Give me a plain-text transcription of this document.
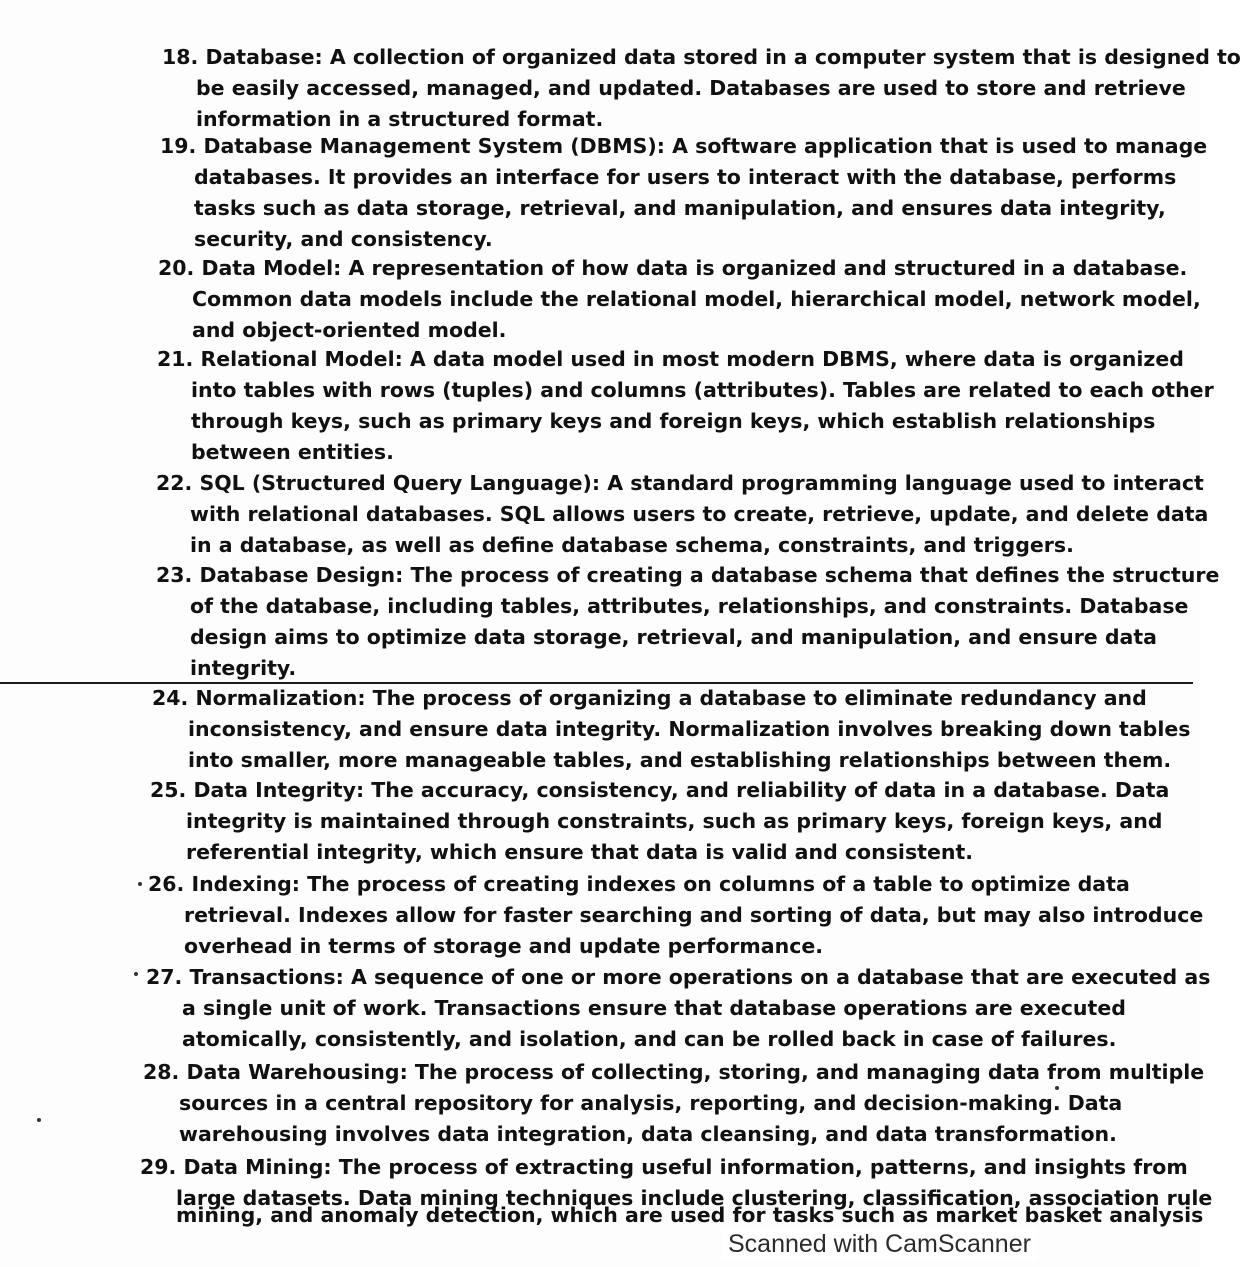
18. Database: A collection of organized data stored in a computer system that is designed to
be easily accessed, managed, and updated. Databases are used to store and retrieve
information in a structured format.
19. Database Management System (DBMS): A software application that is used to manage
databases. It provides an interface for users to interact with the database, performs
tasks such as data storage, retrieval, and manipulation, and ensures data integrity,
security, and consistency.
20. Data Model: A representation of how data is organized and structured in a database.
Common data models include the relational model, hierarchical model, network model,
and object-oriented model.
21. Relational Model: A data model used in most modern DBMS, where data is organized
into tables with rows (tuples) and columns (attributes). Tables are related to each other
through keys, such as primary keys and foreign keys, which establish relationships
between entities.
22. SQL (Structured Query Language): A standard programming language used to interact
with relational databases. SQL allows users to create, retrieve, update, and delete data
in a database, as well as define database schema, constraints, and triggers.
23. Database Design: The process of creating a database schema that defines the structure
of the database, including tables, attributes, relationships, and constraints. Database
design aims to optimize data storage, retrieval, and manipulation, and ensure data
integrity.
24. Normalization: The process of organizing a database to eliminate redundancy and
inconsistency, and ensure data integrity. Normalization involves breaking down tables
into smaller, more manageable tables, and establishing relationships between them.
25. Data Integrity: The accuracy, consistency, and reliability of data in a database. Data
integrity is maintained through constraints, such as primary keys, foreign keys, and
referential integrity, which ensure that data is valid and consistent.
26. Indexing: The process of creating indexes on columns of a table to optimize data
retrieval. Indexes allow for faster searching and sorting of data, but may also introduce
overhead in terms of storage and update performance.
27. Transactions: A sequence of one or more operations on a database that are executed as
a single unit of work. Transactions ensure that database operations are executed
atomically, consistently, and isolation, and can be rolled back in case of failures.
28. Data Warehousing: The process of collecting, storing, and managing data from multiple
sources in a central repository for analysis, reporting, and decision-making. Data
warehousing involves data integration, data cleansing, and data transformation.
29. Data Mining: The process of extracting useful information, patterns, and insights from
large datasets. Data mining techniques include clustering, classification, association rule
mining, and anomaly detection, which are used for tasks such as market basket analysis
Scanned with CamScanner
